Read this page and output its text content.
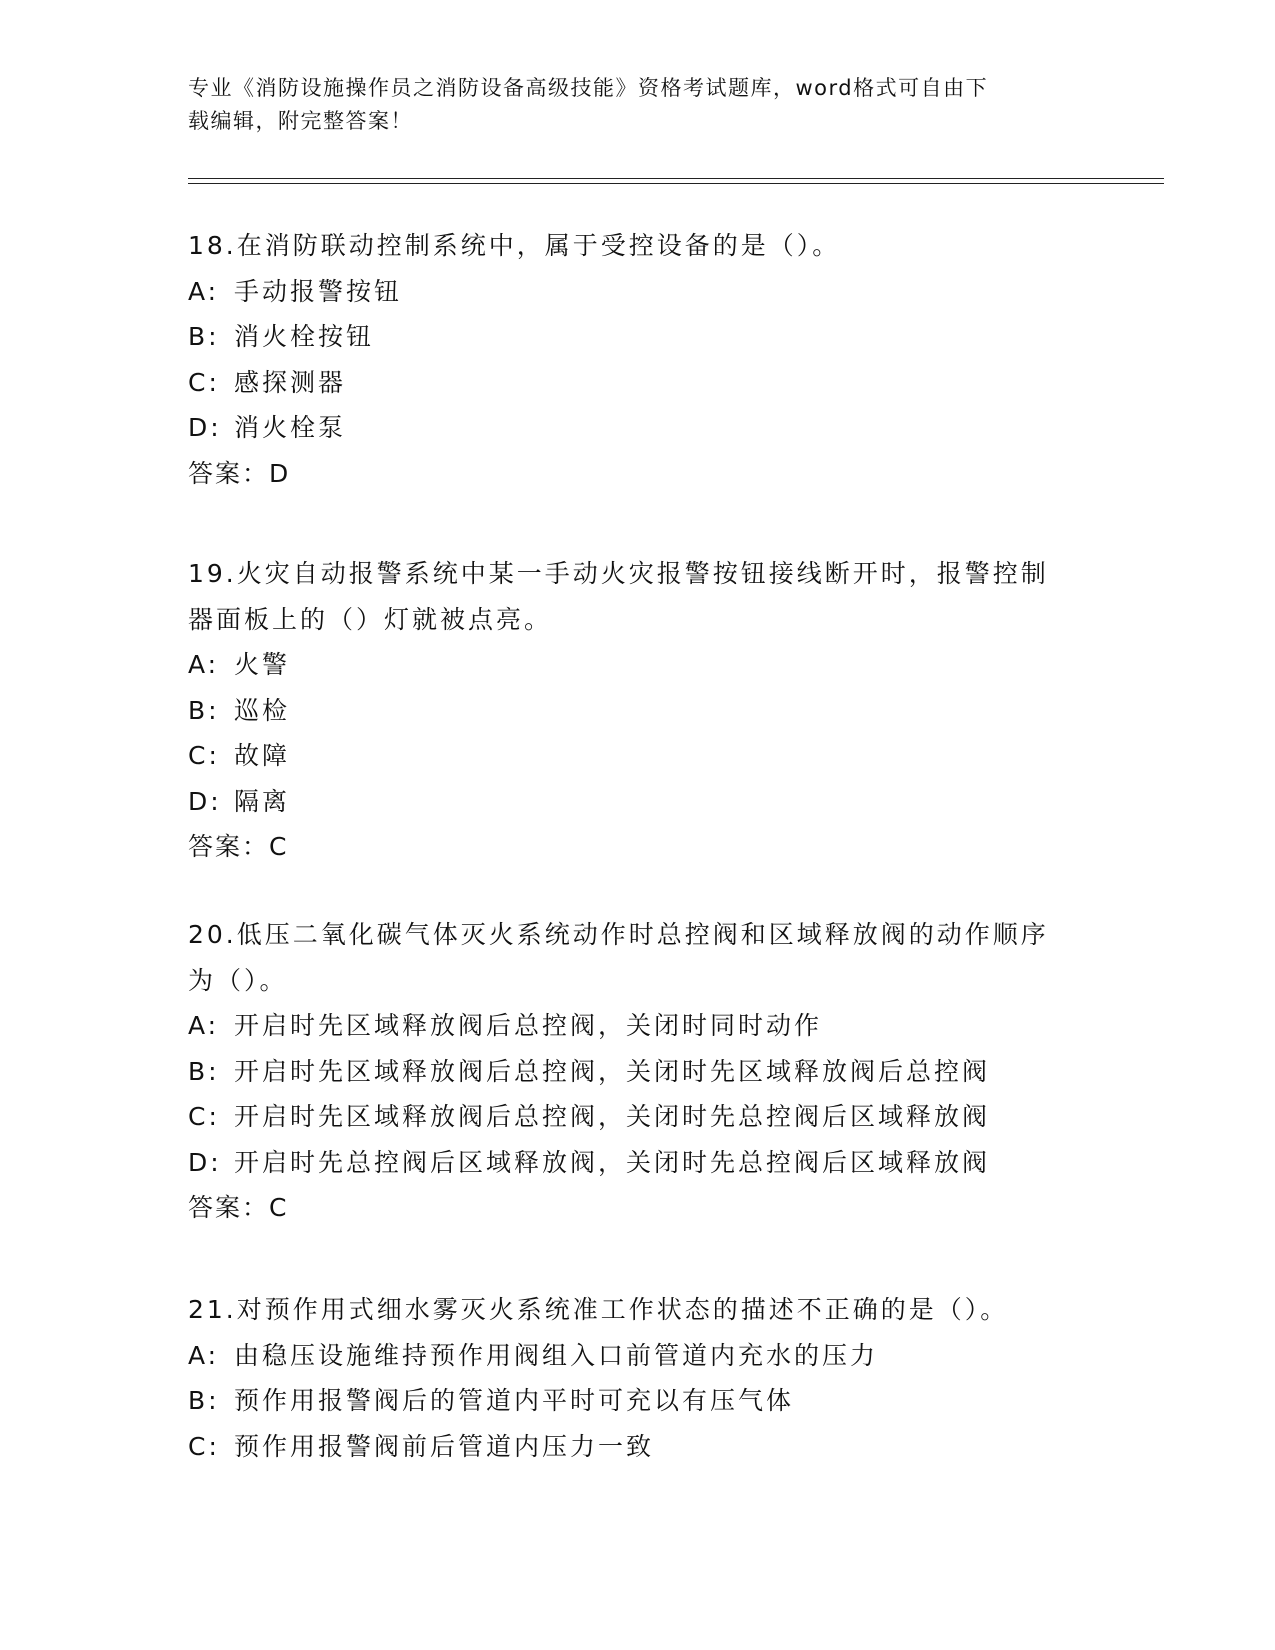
专业《消防设施操作员之消防设备高级技能》资格考试题库，word格式可自由下
载编辑，附完整答案！
18.在消防联动控制系统中，属于受控设备的是（）。
A: 手动报警按钮
B: 消火栓按钮
C: 感探测器
D: 消火栓泵
答案：D
19.火灾自动报警系统中某一手动火灾报警按钮接线断开时，报警控制
器面板上的（）灯就被点亮。
A: 火警
B: 巡检
C: 故障
D: 隔离
答案：C
20.低压二氧化碳气体灭火系统动作时总控阀和区域释放阀的动作顺序
为（）。
A: 开启时先区域释放阀后总控阀，关闭时同时动作
B: 开启时先区域释放阀后总控阀，关闭时先区域释放阀后总控阀
C: 开启时先区域释放阀后总控阀，关闭时先总控阀后区域释放阀
D: 开启时先总控阀后区域释放阀，关闭时先总控阀后区域释放阀
答案：C
21.对预作用式细水雾灭火系统准工作状态的描述不正确的是（）。
A: 由稳压设施维持预作用阀组入口前管道内充水的压力
B: 预作用报警阀后的管道内平时可充以有压气体
C: 预作用报警阀前后管道内压力一致
